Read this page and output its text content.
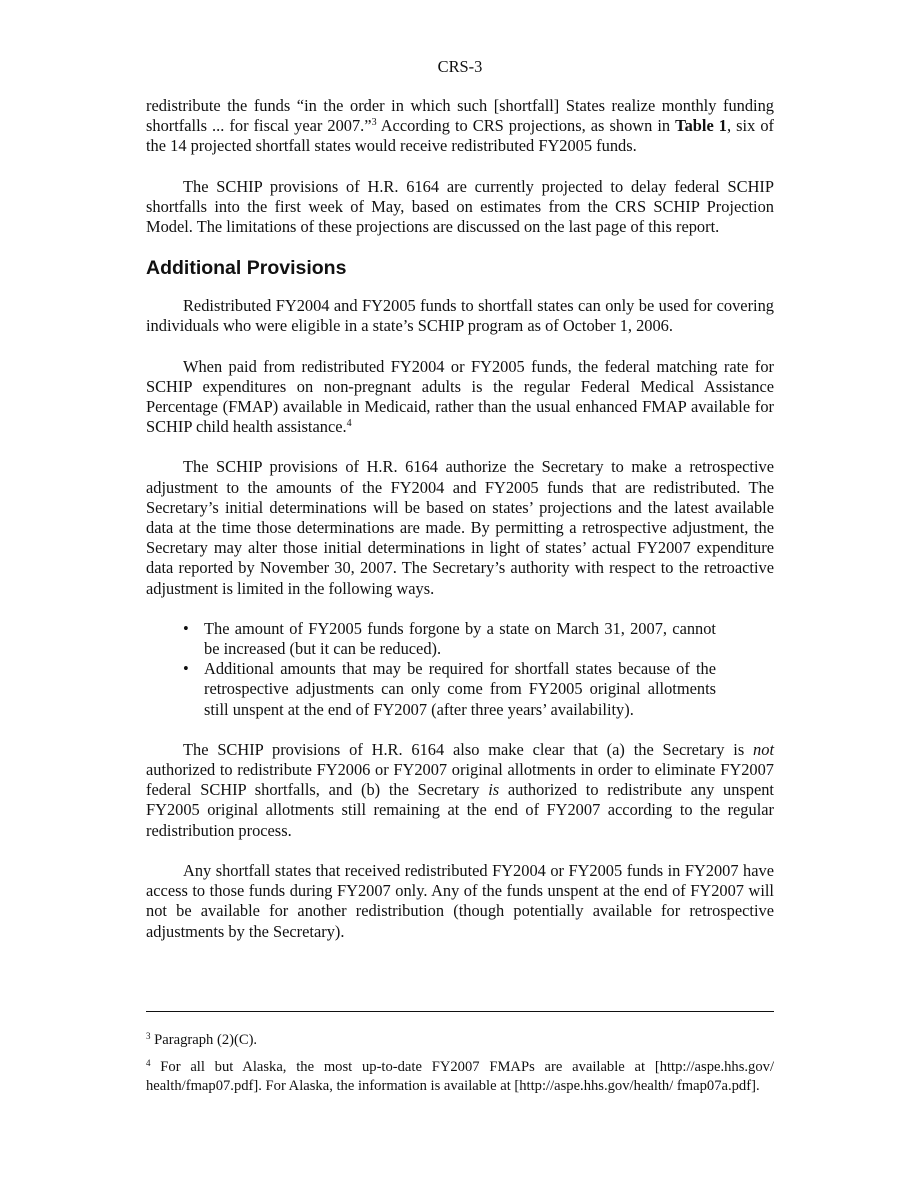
CRS-3

redistribute the funds “in the order in which such [shortfall] States realize monthly funding shortfalls ... for fiscal year 2007.”$^3$ According to CRS projections, as shown in Table 1, six of the 14 projected shortfall states would receive redistributed FY2005 funds.

The SCHIP provisions of H.R. 6164 are currently projected to delay federal SCHIP shortfalls into the first week of May, based on estimates from the CRS SCHIP Projection Model. The limitations of these projections are discussed on the last page of this report.

Additional Provisions

Redistributed FY2004 and FY2005 funds to shortfall states can only be used for covering individuals who were eligible in a state’s SCHIP program as of October 1, 2006.

When paid from redistributed FY2004 or FY2005 funds, the federal matching rate for SCHIP expenditures on non-pregnant adults is the regular Federal Medical Assistance Percentage (FMAP) available in Medicaid, rather than the usual enhanced FMAP available for SCHIP child health assistance.$^4$

The SCHIP provisions of H.R. 6164 authorize the Secretary to make a retrospective adjustment to the amounts of the FY2004 and FY2005 funds that are redistributed. The Secretary’s initial determinations will be based on states’ projections and the latest available data at the time those determinations are made. By permitting a retrospective adjustment, the Secretary may alter those initial determinations in light of states’ actual FY2007 expenditure data reported by November 30, 2007. The Secretary’s authority with respect to the retroactive adjustment is limited in the following ways.

• The amount of FY2005 funds forgone by a state on March 31, 2007, cannot be increased (but it can be reduced).
• Additional amounts that may be required for shortfall states because of the retrospective adjustments can only come from FY2005 original allotments still unspent at the end of FY2007 (after three years’ availability).

The SCHIP provisions of H.R. 6164 also make clear that (a) the Secretary is not authorized to redistribute FY2006 or FY2007 original allotments in order to eliminate FY2007 federal SCHIP shortfalls, and (b) the Secretary is authorized to redistribute any unspent FY2005 original allotments still remaining at the end of FY2007 according to the regular redistribution process.

Any shortfall states that received redistributed FY2004 or FY2005 funds in FY2007 have access to those funds during FY2007 only. Any of the funds unspent at the end of FY2007 will not be available for another redistribution (though potentially available for retrospective adjustments by the Secretary).

$^3$ Paragraph (2)(C).

$^4$ For all but Alaska, the most up-to-date FY2007 FMAPs are available at [http://aspe.hhs.gov/ health/fmap07.pdf]. For Alaska, the information is available at [http://aspe.hhs.gov/health/ fmap07a.pdf].
